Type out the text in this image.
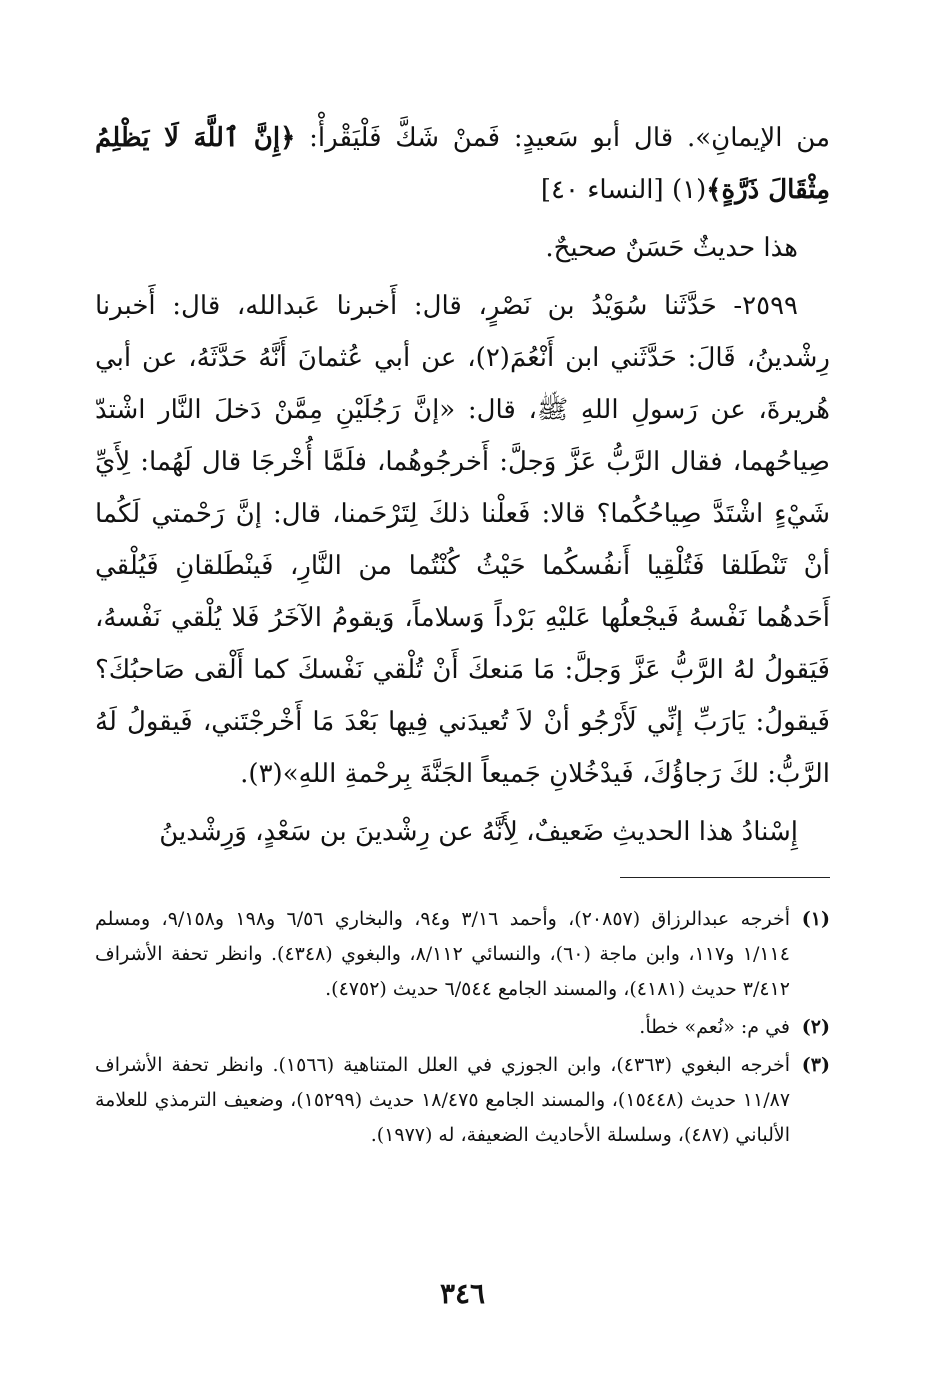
من الإيمانِ». قال أبو سَعيدٍ: فَمنْ شَكَّ فَلْيَقْرأْ: ﴿إِنَّ ٱللَّهَ لَا يَظْلِمُ مِثْقَالَ ذَرَّةٍ﴾(١) [النساء ٤٠]

هذا حديثٌ حَسَنٌ صحيحٌ.

٢٥٩٩- حَدَّثَنا سُوَيْدُ بن نَصْرٍ، قال: أَخبرنا عَبدالله، قال: أَخبرنا رِشْدينُ، قَالَ: حَدَّثَني ابن أَنْعُمَ(٢)، عن أبي عُثمانَ أَنَّهُ حَدَّثَهُ، عن أبي هُريرةَ، عن رَسولِ اللهِ ﷺ، قال: «إنَّ رَجُلَيْنِ مِمَّنْ دَخلَ النَّار اشْتدّ صِياحُهما، فقال الرَّبُّ عَزَّ وَجلَّ: أَخرجُوهُما، فلَمَّا أُخْرجَا قال لَهُما: لِأَيِّ شَيْءٍ اشْتَدَّ صِياحُكُما؟ قالا: فَعلْنا ذلكَ لِتَرْحَمنا، قال: إنَّ رَحْمتي لَكُما أنْ تَنْطَلقا فَتُلْقِيا أَنفُسكُما حَيْثُ كُنْتُما من النَّارِ، فَينْطَلقانِ فَيُلْقي أَحَدهُما نَفْسهُ فَيجْعلُها عَليْهِ بَرْداً وَسلاماً، وَيقومُ الآخَرُ فَلا يُلْقي نَفْسهُ، فَيَقولُ لهُ الرَّبُّ عَزَّ وَجلَّ: مَا مَنعكَ أَنْ تُلْقي نَفْسكَ كما أَلْقى صَاحبُكَ؟ فَيقولُ: يَارَبِّ إنِّي لَأَرْجُو أنْ لاَ تُعيدَني فِيها بَعْدَ مَا أَخْرجْتَني، فَيقولُ لَهُ الرَّبُّ: لكَ رَجاؤُكَ، فَيدْخُلانِ جَميعاً الجَنَّةَ بِرحْمةِ اللهِ»(٣).

إِسْنادُ هذا الحديثِ ضَعيفٌ، لِأَنَّهُ عن رِشْدينَ بن سَعْدٍ، وَرِشْدينُ

(١)
أخرجه عبدالرزاق (٢٠٨٥٧)، وأحمد ٣/١٦ و٩٤، والبخاري ٦/٥٦ و١٩٨ و٩/١٥٨، ومسلم ١/١١٤ و١١٧، وابن ماجة (٦٠)، والنسائي ٨/١١٢، والبغوي (٤٣٤٨). وانظر تحفة الأشراف ٣/٤١٢ حديث (٤١٨١)، والمسند الجامع ٦/٥٤٤ حديث (٤٧٥٢).
(٢)
في م: «نُعم» خطأ.
(٣)
أخرجه البغوي (٤٣٦٣)، وابن الجوزي في العلل المتناهية (١٥٦٦). وانظر تحفة الأشراف ١١/٨٧ حديث (١٥٤٤٨)، والمسند الجامع ١٨/٤٧٥ حديث (١٥٢٩٩)، وضعيف الترمذي للعلامة الألباني (٤٨٧)، وسلسلة الأحاديث الضعيفة، له (١٩٧٧).
٣٤٦
